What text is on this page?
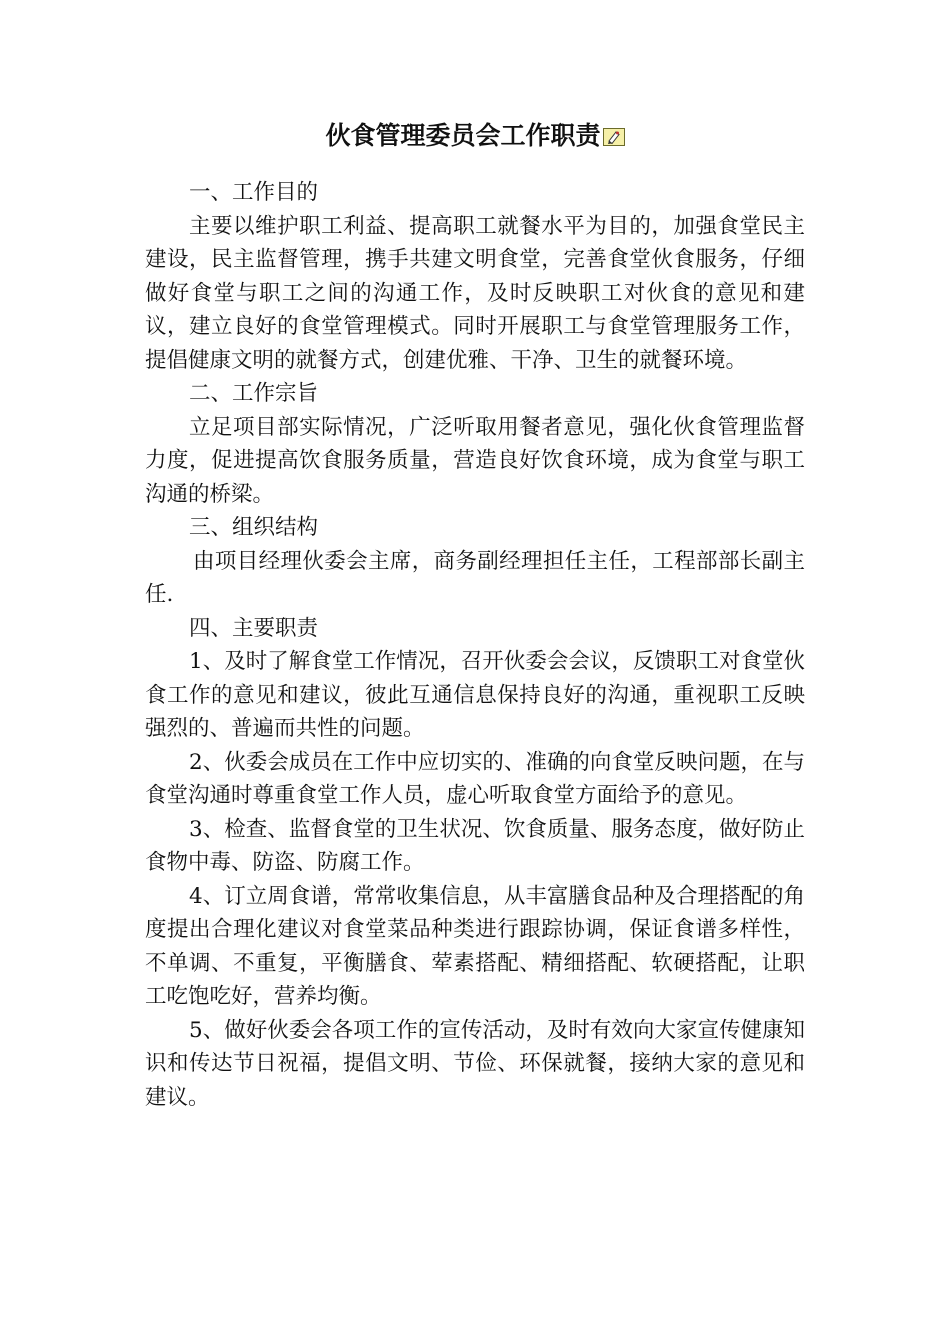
伙食管理委员会工作职责

一、工作目的

主要以维护职工利益、提高职工就餐水平为目的，加强食堂民主建设，民主监督管理，携手共建文明食堂，完善食堂伙食服务，仔细做好食堂与职工之间的沟通工作，及时反映职工对伙食的意见和建议，建立良好的食堂管理模式。同时开展职工与食堂管理服务工作，提倡健康文明的就餐方式，创建优雅、干净、卫生的就餐环境。

二、工作宗旨

立足项目部实际情况，广泛听取用餐者意见，强化伙食管理监督力度，促进提高饮食服务质量，营造良好饮食环境，成为食堂与职工沟通的桥梁。

三、组织结构

由项目经理伙委会主席，商务副经理担任主任，工程部部长副主任.

四、主要职责

1、及时了解食堂工作情况，召开伙委会会议，反馈职工对食堂伙食工作的意见和建议，彼此互通信息保持良好的沟通，重视职工反映强烈的、普遍而共性的问题。

2、伙委会成员在工作中应切实的、准确的向食堂反映问题，在与食堂沟通时尊重食堂工作人员，虚心听取食堂方面给予的意见。

3、检查、监督食堂的卫生状况、饮食质量、服务态度，做好防止食物中毒、防盗、防腐工作。

4、订立周食谱，常常收集信息，从丰富膳食品种及合理搭配的角度提出合理化建议对食堂菜品种类进行跟踪协调，保证食谱多样性，不单调、不重复，平衡膳食、荤素搭配、精细搭配、软硬搭配，让职工吃饱吃好，营养均衡。

5、做好伙委会各项工作的宣传活动，及时有效向大家宣传健康知识和传达节日祝福，提倡文明、节俭、环保就餐，接纳大家的意见和建议。
